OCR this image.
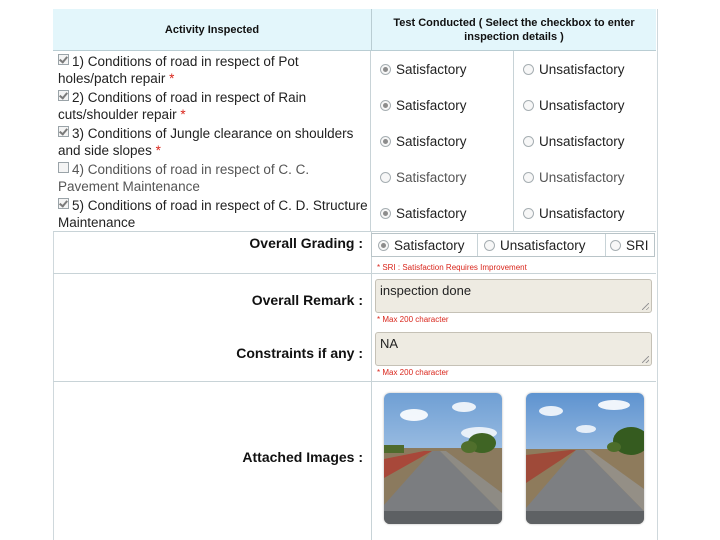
Activity Inspected
Test Conducted ( Select the checkbox to enter inspection details )
1) Conditions of road in respect of Pot holes/patch repair *
Satisfactory	Unsatisfactory
2) Conditions of road in respect of Rain cuts/shoulder repair *
Satisfactory	Unsatisfactory
3) Conditions of Jungle clearance on shoulders and side slopes *
Satisfactory	Unsatisfactory
4) Conditions of road in respect of C. C. Pavement Maintenance
Satisfactory	Unsatisfactory
5) Conditions of road in respect of C. D. Structure Maintenance
Satisfactory	Unsatisfactory
Overall Grading :	Satisfactory	Unsatisfactory	SRI
* SRI : Satisfaction Requires Improvement
Overall Remark :
inspection done
* Max 200 character
Constraints if any :
NA
* Max 200 character
Attached Images :
